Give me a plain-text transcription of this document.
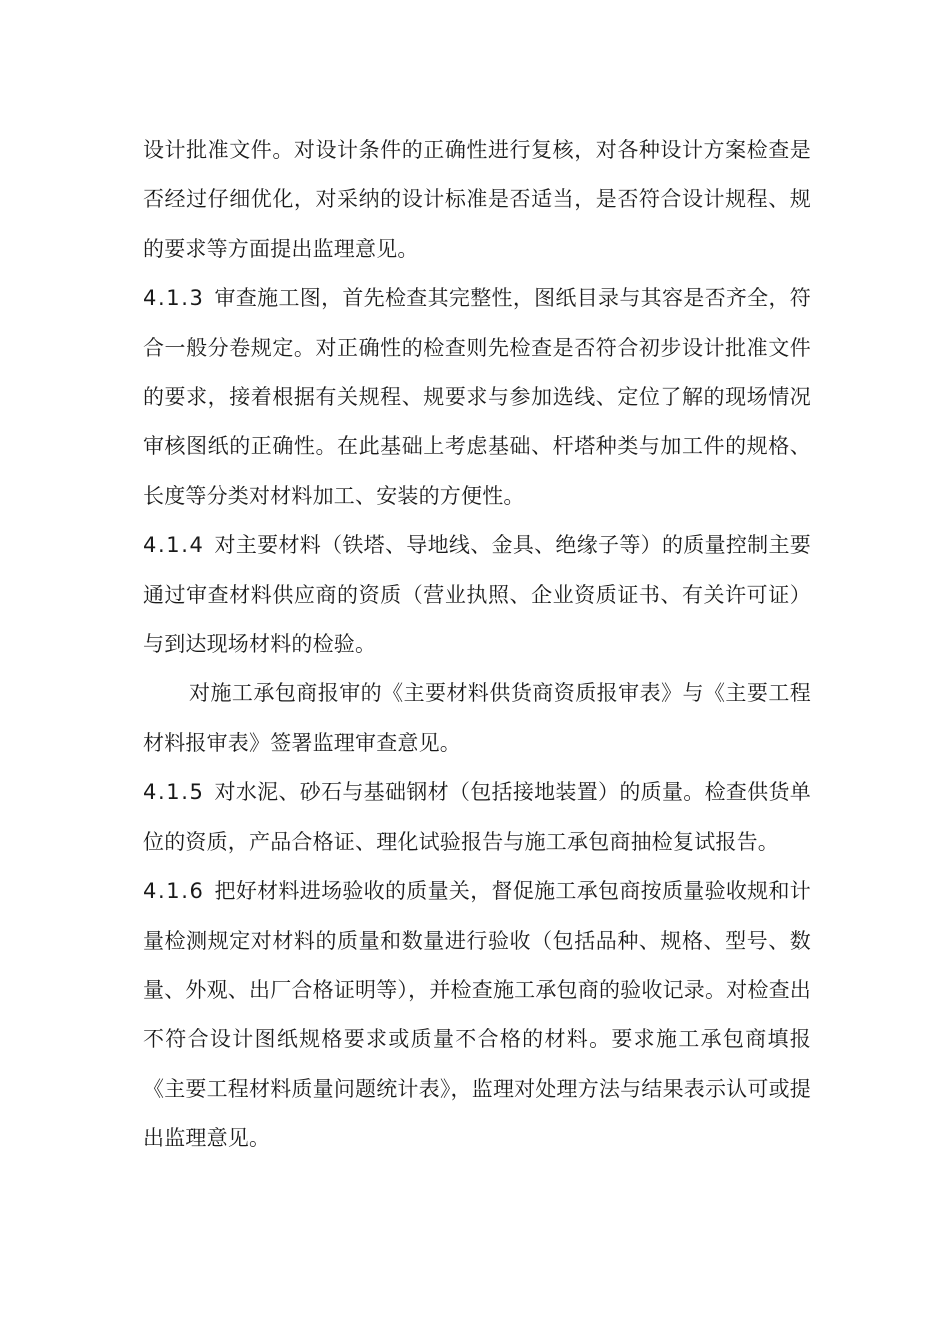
设计批准文件。对设计条件的正确性进行复核，对各种设计方案检查是否经过仔细优化，对采纳的设计标准是否适当，是否符合设计规程、规的要求等方面提出监理意见。

4.1.3 审查施工图，首先检查其完整性，图纸目录与其容是否齐全，符合一般分卷规定。对正确性的检查则先检查是否符合初步设计批准文件的要求，接着根据有关规程、规要求与参加选线、定位了解的现场情况审核图纸的正确性。在此基础上考虑基础、杆塔种类与加工件的规格、长度等分类对材料加工、安装的方便性。

4.1.4 对主要材料（铁塔、导地线、金具、绝缘子等）的质量控制主要通过审查材料供应商的资质（营业执照、企业资质证书、有关许可证）与到达现场材料的检验。

对施工承包商报审的《主要材料供货商资质报审表》与《主要工程材料报审表》签署监理审查意见。

4.1.5 对水泥、砂石与基础钢材（包括接地装置）的质量。检查供货单位的资质，产品合格证、理化试验报告与施工承包商抽检复试报告。

4.1.6 把好材料进场验收的质量关，督促施工承包商按质量验收规和计量检测规定对材料的质量和数量进行验收（包括品种、规格、型号、数量、外观、出厂合格证明等），并检查施工承包商的验收记录。对检查出不符合设计图纸规格要求或质量不合格的材料。要求施工承包商填报《主要工程材料质量问题统计表》，监理对处理方法与结果表示认可或提出监理意见。
